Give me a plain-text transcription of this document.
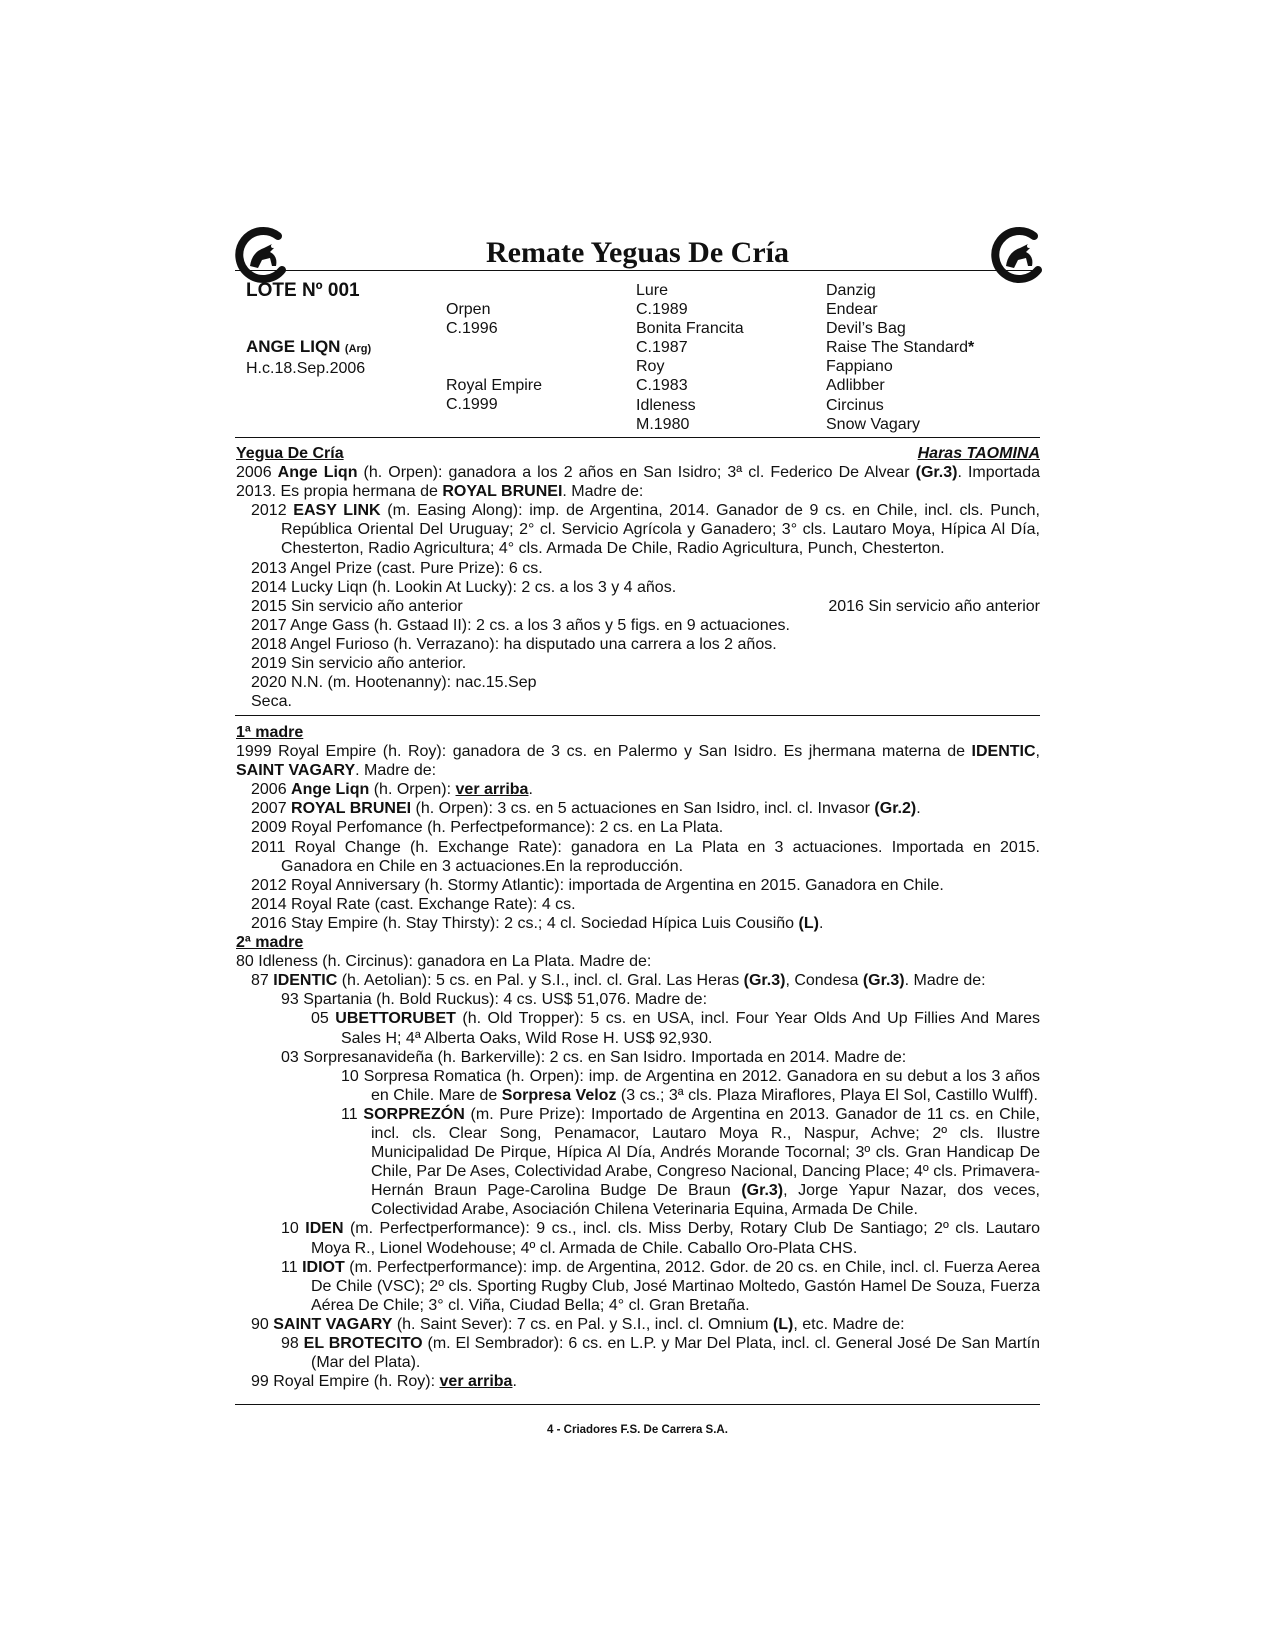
Remate Yeguas De Cría
LOTE Nº 001
ANGE LIQN (Arg)
H.c.18.Sep.2006
Orpen
C.1996
Royal Empire
C.1999
Lure
C.1989
Bonita Francita
C.1987
Roy
C.1983
Idleness
M.1980
Danzig
Endear
Devil’s Bag
Raise The Standard*
Fappiano
Adlibber
Circinus
Snow Vagary
Yegua De Cría	Haras TAOMINA

2006 Ange Liqn (h. Orpen): ganadora a los 2 años en San Isidro; 3ª cl. Federico De Alvear (Gr.3). Importada 2013. Es propia hermana de ROYAL BRUNEI. Madre de:

2012 EASY LINK (m. Easing Along): imp. de Argentina, 2014. Ganador de 9 cs. en Chile, incl. cls. Punch, República Oriental Del Uruguay; 2° cl. Servicio Agrícola y Ganadero; 3° cls. Lautaro Moya, Hípica Al Día, Chesterton, Radio Agricultura; 4° cls. Armada De Chile, Radio Agricultura, Punch, Chesterton.

2013 Angel Prize (cast. Pure Prize): 6 cs.

2014 Lucky Liqn (h. Lookin At Lucky): 2 cs. a los 3 y 4 años.

2015 Sin servicio año anterior	2016 Sin servicio año anterior

2017 Ange Gass (h. Gstaad II): 2 cs. a los 3 años y 5 figs. en 9 actuaciones.

2018 Angel Furioso (h. Verrazano): ha disputado una carrera a los 2 años.

2019 Sin servicio año anterior.

2020 N.N. (m. Hootenanny): nac.15.Sep

Seca.

1ª madre

1999 Royal Empire (h. Roy): ganadora de 3 cs. en Palermo y San Isidro. Es jhermana materna de IDENTIC, SAINT VAGARY. Madre de:

2006 Ange Liqn (h. Orpen): ver arriba.

2007 ROYAL BRUNEI (h. Orpen): 3 cs. en 5 actuaciones en San Isidro, incl. cl. Invasor (Gr.2).

2009 Royal Perfomance (h. Perfectpeformance): 2 cs. en La Plata.

2011 Royal Change (h. Exchange Rate): ganadora en La Plata en 3 actuaciones. Importada en 2015. Ganadora en Chile en 3 actuaciones.En la reproducción.

2012 Royal Anniversary (h. Stormy Atlantic): importada de Argentina en 2015. Ganadora en Chile.

2014 Royal Rate (cast. Exchange Rate): 4 cs.

2016 Stay Empire (h. Stay Thirsty): 2 cs.; 4 cl. Sociedad Hípica Luis Cousiño (L).

2ª madre

80 Idleness (h. Circinus): ganadora en La Plata. Madre de:

87 IDENTIC (h. Aetolian): 5 cs. en Pal. y S.I., incl. cl. Gral. Las Heras (Gr.3), Condesa (Gr.3). Madre de:

93 Spartania (h. Bold Ruckus): 4 cs. US$ 51,076. Madre de:

05 UBETTORUBET (h. Old Tropper): 5 cs. en USA, incl. Four Year Olds And Up Fillies And Mares Sales H; 4ª Alberta Oaks, Wild Rose H. US$ 92,930.

03 Sorpresanavideña (h. Barkerville): 2 cs. en San Isidro. Importada en 2014. Madre de:

10 Sorpresa Romatica (h. Orpen): imp. de Argentina en 2012. Ganadora en su debut a los 3 años en Chile. Mare de Sorpresa Veloz (3 cs.; 3ª cls. Plaza Miraflores, Playa El Sol, Castillo Wulff).

11 SORPREZÓN (m. Pure Prize): Importado de Argentina en 2013. Ganador de 11 cs. en Chile, incl. cls. Clear Song, Penamacor, Lautaro Moya R., Naspur, Achve; 2º cls. Ilustre Municipalidad De Pirque, Hípica Al Día, Andrés Morande Tocornal; 3º cls. Gran Handicap De Chile, Par De Ases, Colectividad Arabe, Congreso Nacional, Dancing Place; 4º cls. Primavera-Hernán Braun Page-Carolina Budge De Braun (Gr.3), Jorge Yapur Nazar, dos veces, Colectividad Arabe, Asociación Chilena Veterinaria Equina, Armada De Chile.

10 IDEN (m. Perfectperformance): 9 cs., incl. cls. Miss Derby, Rotary Club De Santiago; 2º cls. Lautaro Moya R., Lionel Wodehouse; 4º cl. Armada de Chile. Caballo Oro-Plata CHS.

11 IDIOT (m. Perfectperformance): imp. de Argentina, 2012. Gdor. de 20 cs. en Chile, incl. cl. Fuerza Aerea De Chile (VSC); 2º cls. Sporting Rugby Club, José Martinao Moltedo, Gastón Hamel De Souza, Fuerza Aérea De Chile; 3° cl. Viña, Ciudad Bella; 4° cl. Gran Bretaña.

90 SAINT VAGARY (h. Saint Sever): 7 cs. en Pal. y S.I., incl. cl. Omnium (L), etc. Madre de:

98 EL BROTECITO (m. El Sembrador): 6 cs. en L.P. y Mar Del Plata, incl. cl. General José De San Martín (Mar del Plata).

99 Royal Empire (h. Roy): ver arriba.

4 - Criadores F.S. De Carrera S.A.
